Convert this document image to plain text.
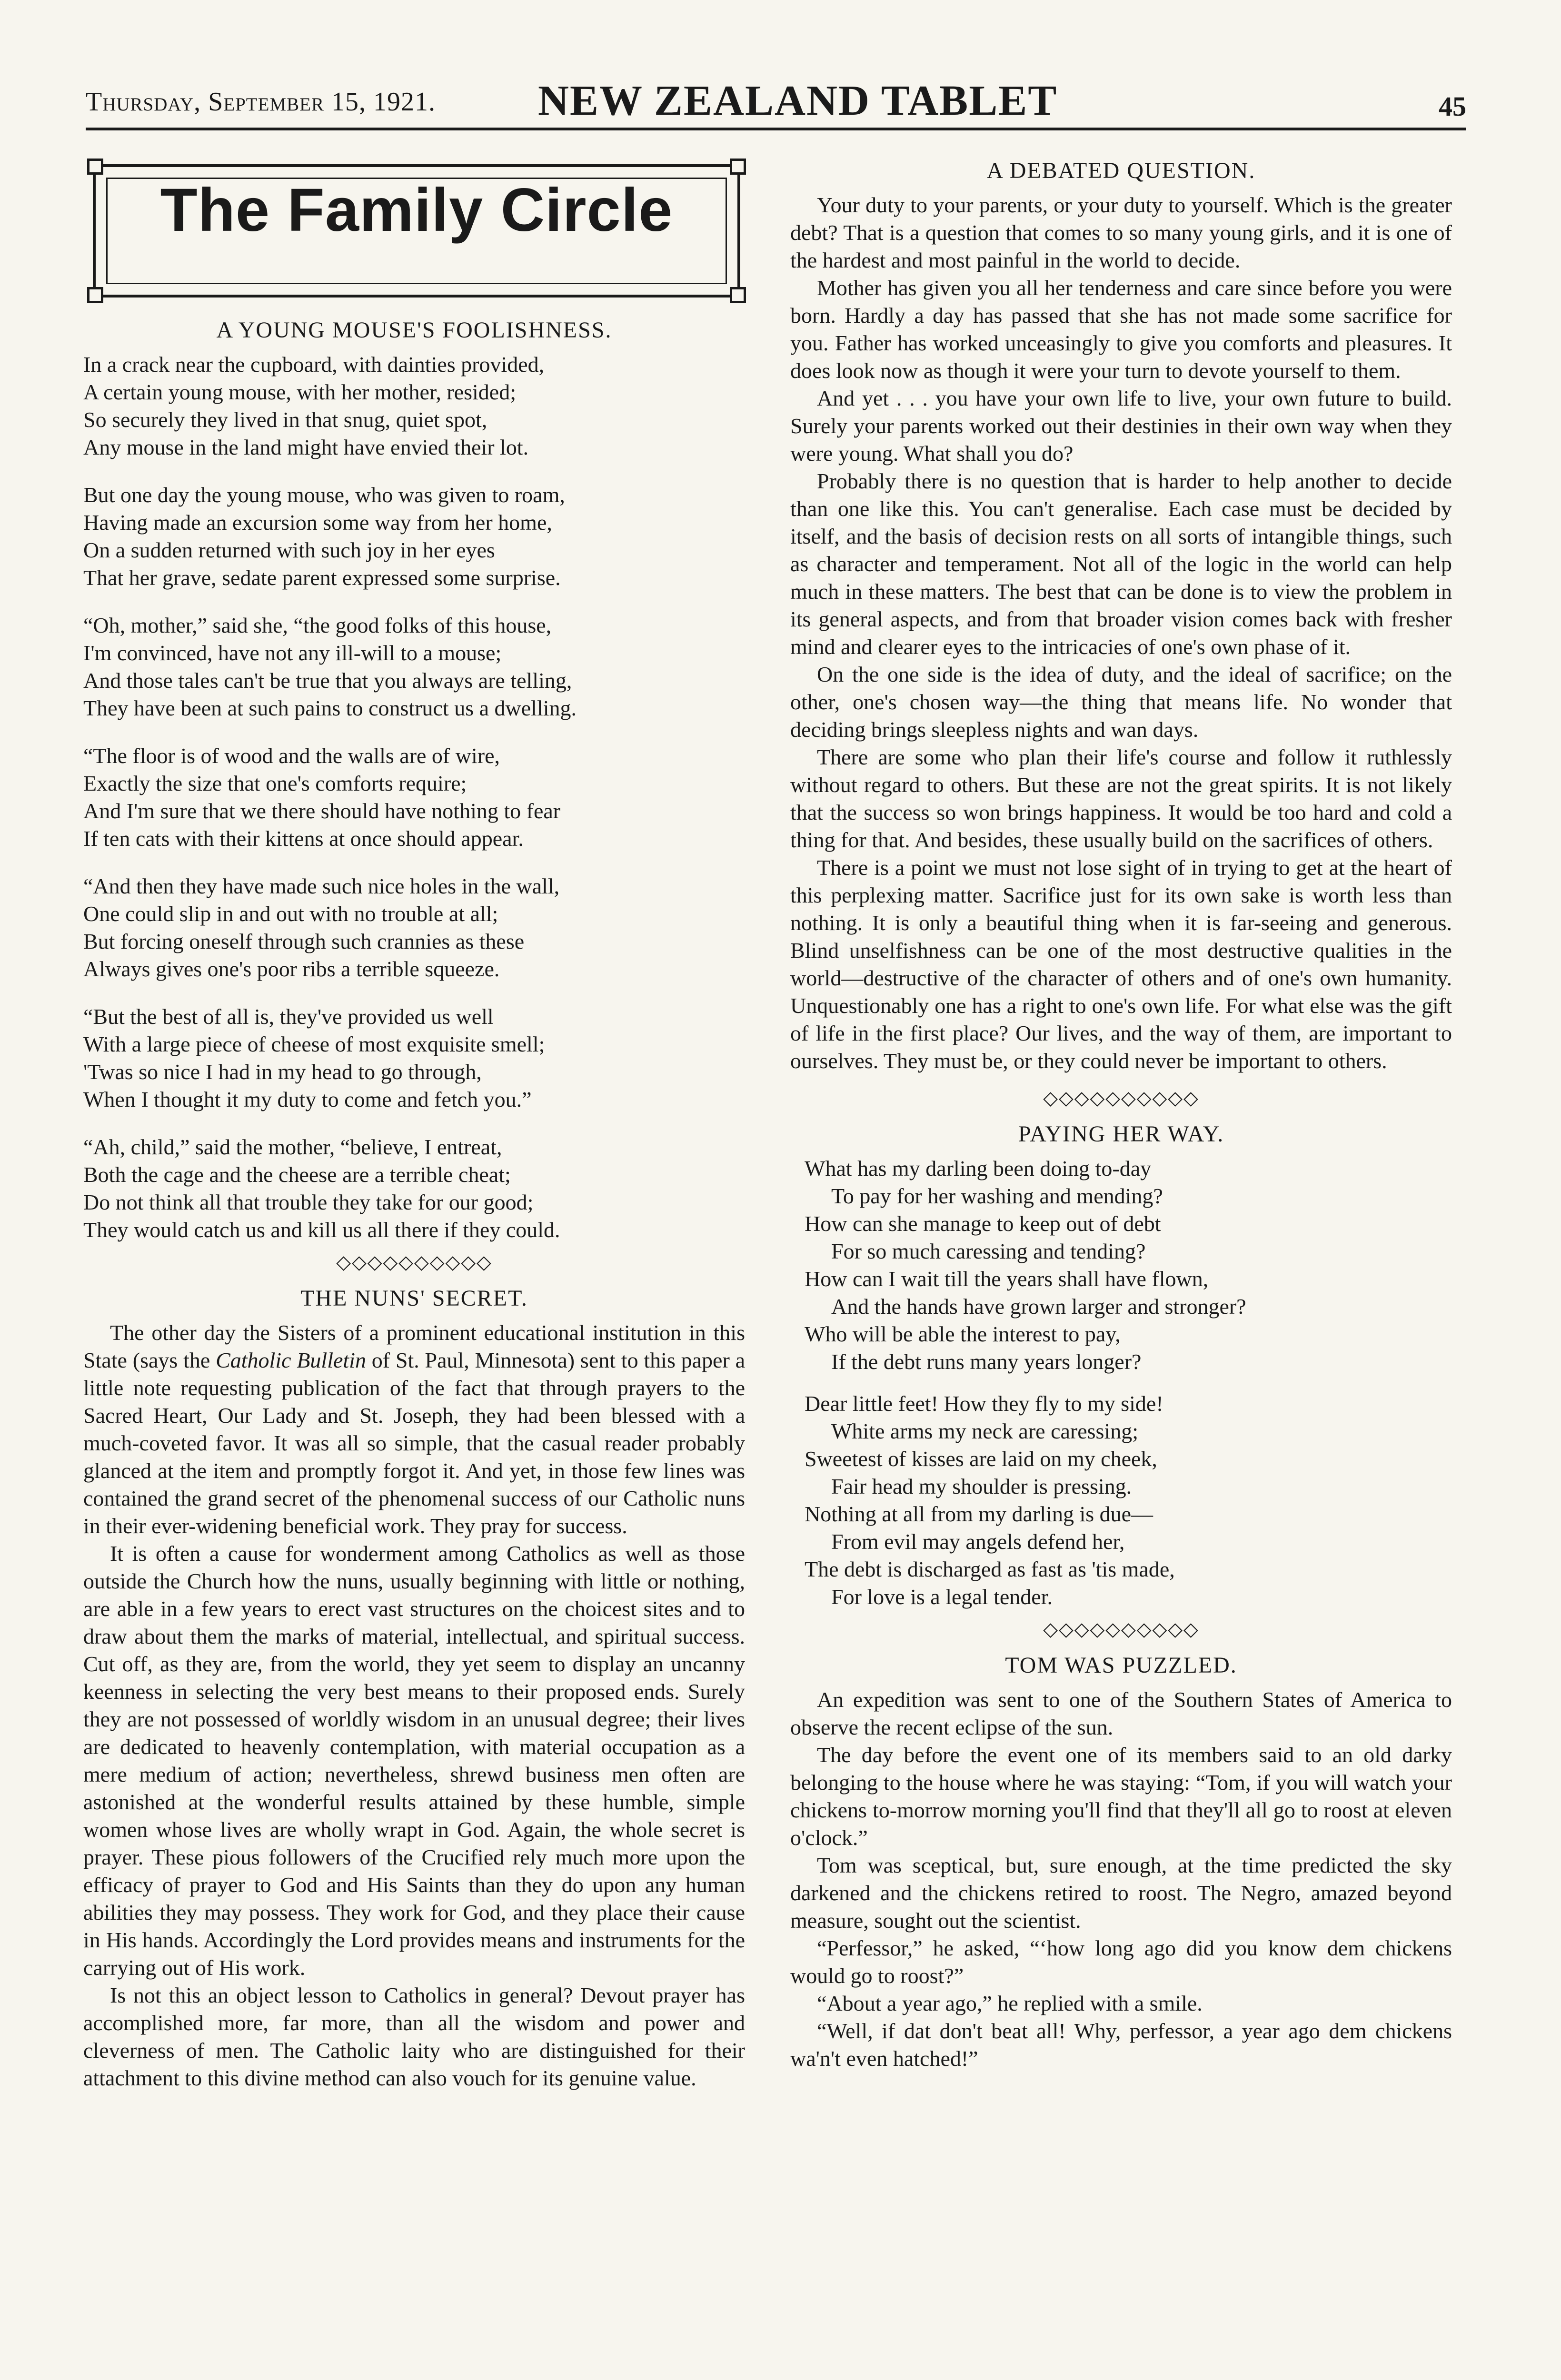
Thursday, September 15, 1921. NEW ZEALAND TABLET	45
The Family Circle
A YOUNG MOUSE'S FOOLISHNESS.
In a crack near the cupboard, with dainties provided,
A certain young mouse, with her mother, resided;
So securely they lived in that snug, quiet spot,
Any mouse in the land might have envied their lot.
But one day the young mouse, who was given to roam,
Having made an excursion some way from her home,
On a sudden returned with such joy in her eyes
That her grave, sedate parent expressed some surprise.
“Oh, mother,” said she, “the good folks of this house,
I'm convinced, have not any ill-will to a mouse;
And those tales can't be true that you always are telling,
They have been at such pains to construct us a dwelling.
“The floor is of wood and the walls are of wire,
Exactly the size that one's comforts require;
And I'm sure that we there should have nothing to fear
If ten cats with their kittens at once should appear.
“And then they have made such nice holes in the wall,
One could slip in and out with no trouble at all;
But forcing oneself through such crannies as these
Always gives one's poor ribs a terrible squeeze.
“But the best of all is, they've provided us well
With a large piece of cheese of most exquisite smell;
'Twas so nice I had in my head to go through,
When I thought it my duty to come and fetch you.”
“Ah, child,” said the mother, “believe, I entreat,
Both the cage and the cheese are a terrible cheat;
Do not think all that trouble they take for our good;
They would catch us and kill us all there if they could.
◇◇◇◇◇◇◇◇◇◇
THE NUNS' SECRET.

The other day the Sisters of a prominent educational institution in this State (says the Catholic Bulletin of St. Paul, Minnesota) sent to this paper a little note requesting publication of the fact that through prayers to the Sacred Heart, Our Lady and St. Joseph, they had been blessed with a much-coveted favor. It was all so simple, that the casual reader probably glanced at the item and promptly forgot it. And yet, in those few lines was contained the grand secret of the phenomenal success of our Catholic nuns in their ever-widening beneficial work. They pray for success.

It is often a cause for wonderment among Catholics as well as those outside the Church how the nuns, usually beginning with little or nothing, are able in a few years to erect vast structures on the choicest sites and to draw about them the marks of material, intellectual, and spiritual success. Cut off, as they are, from the world, they yet seem to display an uncanny keenness in selecting the very best means to their proposed ends. Surely they are not possessed of worldly wisdom in an unusual degree; their lives are dedicated to heavenly contemplation, with material occupation as a mere medium of action; nevertheless, shrewd business men often are astonished at the wonderful results attained by these humble, simple women whose lives are wholly wrapt in God. Again, the whole secret is prayer. These pious followers of the Crucified rely much more upon the efficacy of prayer to God and His Saints than they do upon any human abilities they may possess. They work for God, and they place their cause in His hands. Accordingly the Lord provides means and instruments for the carrying out of His work.

Is not this an object lesson to Catholics in general? Devout prayer has accomplished more, far more, than all the wisdom and power and cleverness of men. The Catholic laity who are distinguished for their attachment to this divine method can also vouch for its genuine value.

A DEBATED QUESTION.

Your duty to your parents, or your duty to yourself. Which is the greater debt? That is a question that comes to so many young girls, and it is one of the hardest and most painful in the world to decide.

Mother has given you all her tenderness and care since before you were born. Hardly a day has passed that she has not made some sacrifice for you. Father has worked unceasingly to give you comforts and pleasures. It does look now as though it were your turn to devote yourself to them.

And yet . . . you have your own life to live, your own future to build. Surely your parents worked out their destinies in their own way when they were young. What shall you do?

Probably there is no question that is harder to help another to decide than one like this. You can't generalise. Each case must be decided by itself, and the basis of decision rests on all sorts of intangible things, such as character and temperament. Not all of the logic in the world can help much in these matters. The best that can be done is to view the problem in its general aspects, and from that broader vision comes back with fresher mind and clearer eyes to the intricacies of one's own phase of it.

On the one side is the idea of duty, and the ideal of sacrifice; on the other, one's chosen way—the thing that means life. No wonder that deciding brings sleepless nights and wan days.

There are some who plan their life's course and follow it ruthlessly without regard to others. But these are not the great spirits. It is not likely that the success so won brings happiness. It would be too hard and cold a thing for that. And besides, these usually build on the sacrifices of others.

There is a point we must not lose sight of in trying to get at the heart of this perplexing matter. Sacrifice just for its own sake is worth less than nothing. It is only a beautiful thing when it is far-seeing and generous. Blind unselfishness can be one of the most destructive qualities in the world—destructive of the character of others and of one's own humanity. Unquestionably one has a right to one's own life. For what else was the gift of life in the first place? Our lives, and the way of them, are important to ourselves. They must be, or they could never be important to others.

◇◇◇◇◇◇◇◇◇◇
PAYING HER WAY.
What has my darling been doing to-day
To pay for her washing and mending?
How can she manage to keep out of debt
For so much caressing and tending?
How can I wait till the years shall have flown,
And the hands have grown larger and stronger?
Who will be able the interest to pay,
If the debt runs many years longer?
Dear little feet! How they fly to my side!
White arms my neck are caressing;
Sweetest of kisses are laid on my cheek,
Fair head my shoulder is pressing.
Nothing at all from my darling is due—
From evil may angels defend her,
The debt is discharged as fast as 'tis made,
For love is a legal tender.
◇◇◇◇◇◇◇◇◇◇
TOM WAS PUZZLED.

An expedition was sent to one of the Southern States of America to observe the recent eclipse of the sun.

The day before the event one of its members said to an old darky belonging to the house where he was staying: “Tom, if you will watch your chickens to-morrow morning you'll find that they'll all go to roost at eleven o'clock.”

Tom was sceptical, but, sure enough, at the time predicted the sky darkened and the chickens retired to roost. The Negro, amazed beyond measure, sought out the scientist.

“Perfessor,” he asked, “‘how long ago did you know dem chickens would go to roost?”

“About a year ago,” he replied with a smile.

“Well, if dat don't beat all! Why, perfessor, a year ago dem chickens wa'n't even hatched!”
